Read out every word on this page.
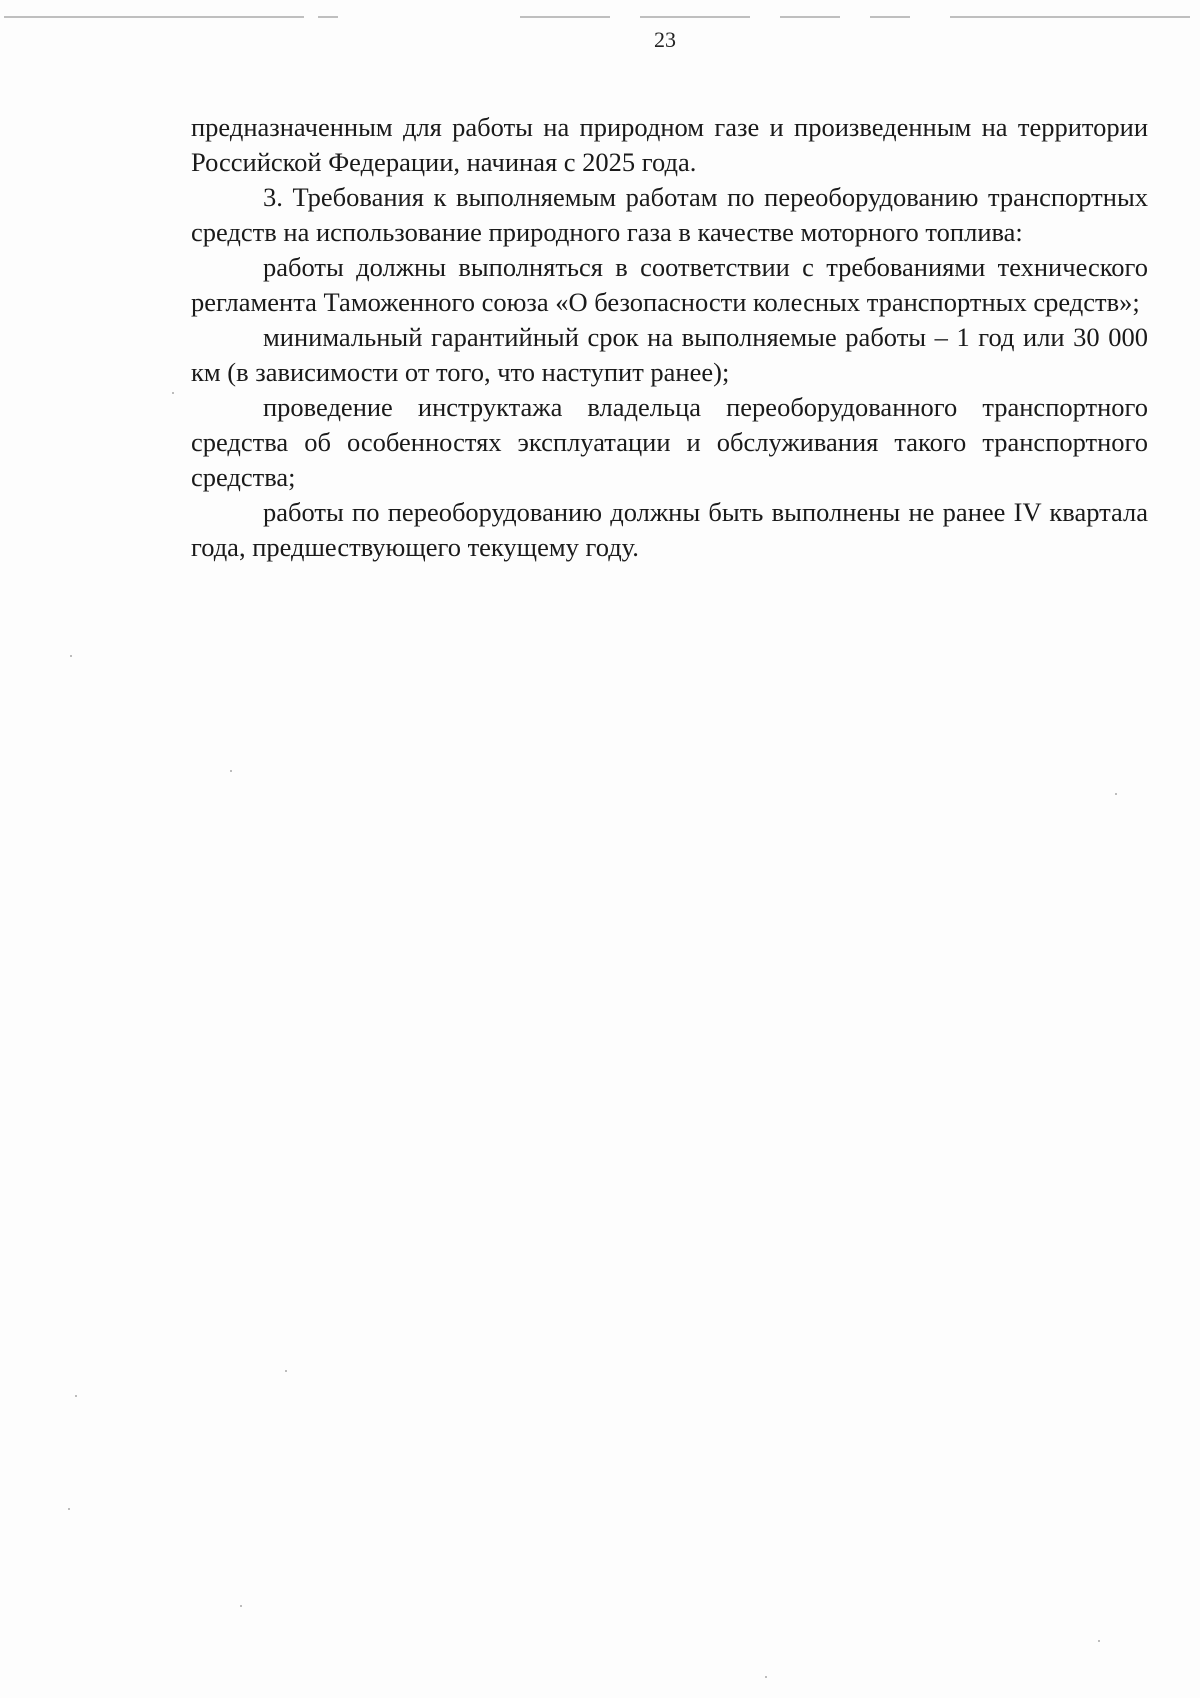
23

предназначенным для работы на природном газе и произведенным на территории Российской Федерации, начиная с 2025 года.

3. Требования к выполняемым работам по переоборудованию транспортных средств на использование природного газа в качестве моторного топлива:

работы должны выполняться в соответствии с требованиями технического регламента Таможенного союза «О безопасности колесных транспортных средств»;

минимальный гарантийный срок на выполняемые работы – 1 год или 30 000 км (в зависимости от того, что наступит ранее);

проведение инструктажа владельца переоборудованного транспортного средства об особенностях эксплуатации и обслуживания такого транспортного средства;

работы по переоборудованию должны быть выполнены не ранее IV квартала года, предшествующего текущему году.
